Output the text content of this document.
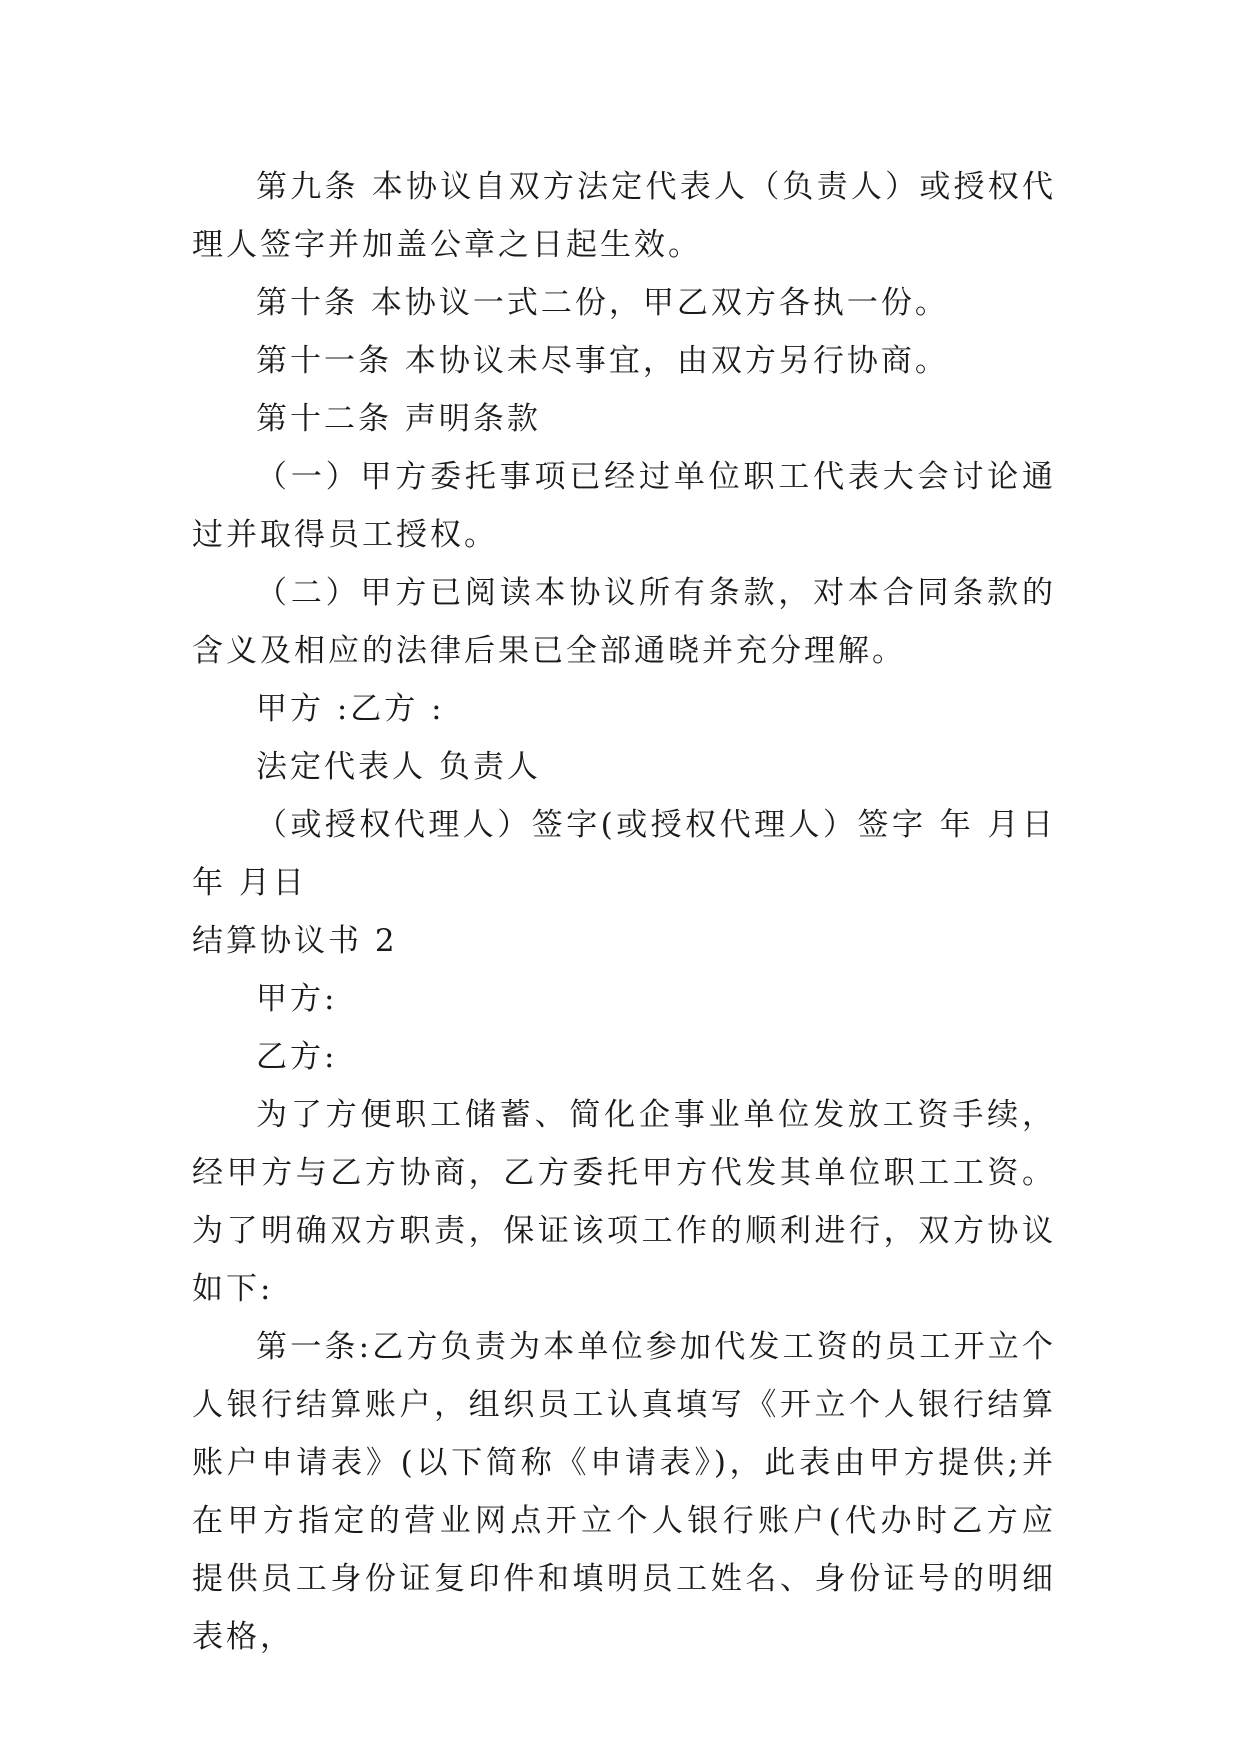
第九条 本协议自双方法定代表人（负责人）或授权代理人签字并加盖公章之日起生效。

第十条 本协议一式二份，甲乙双方各执一份。

第十一条 本协议未尽事宜，由双方另行协商。

第十二条 声明条款

（一）甲方委托事项已经过单位职工代表大会讨论通过并取得员工授权。

（二）甲方已阅读本协议所有条款，对本合同条款的含义及相应的法律后果已全部通晓并充分理解。

甲方 :乙方 :

法定代表人 负责人

（或授权代理人）签字(或授权代理人）签字 年 月日 年 月日

结算协议书 2

甲方:

乙方:

为了方便职工储蓄、简化企事业单位发放工资手续，经甲方与乙方协商，乙方委托甲方代发其单位职工工资。为了明确双方职责，保证该项工作的顺利进行，双方协议如下:

第一条:乙方负责为本单位参加代发工资的员工开立个人银行结算账户，组织员工认真填写《开立个人银行结算账户申请表》(以下简称《申请表》)，此表由甲方提供;并在甲方指定的营业网点开立个人银行账户(代办时乙方应提供员工身份证复印件和填明员工姓名、身份证号的明细表格，
